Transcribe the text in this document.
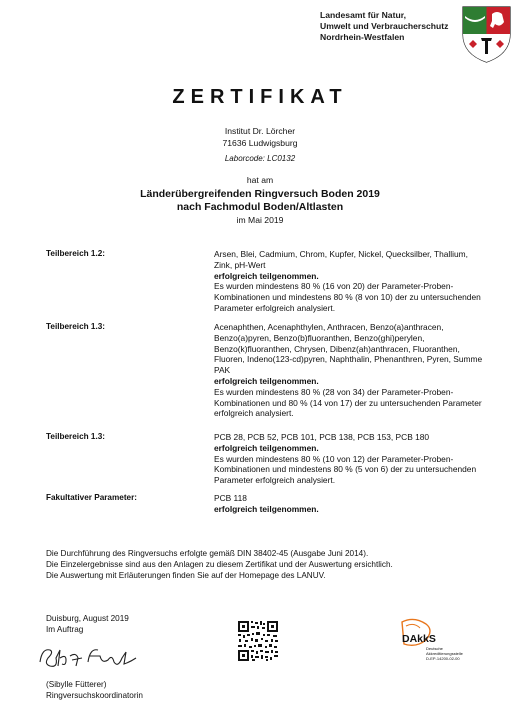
Landesamt für Natur,
Umwelt und Verbraucherschutz
Nordrhein-Westfalen
ZERTIFIKAT
Institut Dr. Lörcher
71636 Ludwigsburg
Laborcode: LC0132
hat am
Länderübergreifenden Ringversuch Boden 2019
nach Fachmodul Boden/Altlasten
im Mai 2019
Teilbereich 1.2:	Arsen, Blei, Cadmium, Chrom, Kupfer, Nickel, Quecksilber, Thallium, Zink, pH-Wert
erfolgreich teilgenommen.
Es wurden mindestens 80 % (16 von 20) der Parameter-Proben-Kombinationen und mindestens 80 % (8 von 10) der zu untersuchenden Parameter erfolgreich analysiert.
Teilbereich 1.3:	Acenaphthen, Acenaphthylen, Anthracen, Benzo(a)anthracen, Benzo(a)pyren, Benzo(b)fluoranthen, Benzo(ghi)perylen, Benzo(k)fluoranthen, Chrysen, Dibenz(ah)anthracen, Fluoranthen, Fluoren, Indeno(123-cd)pyren, Naphthalin, Phenanthren, Pyren, Summe PAK
erfolgreich teilgenommen.
Es wurden mindestens 80 % (28 von 34) der Parameter-Proben-Kombinationen und 80 % (14 von 17) der zu untersuchenden Parameter erfolgreich analysiert.
Teilbereich 1.3:	PCB 28, PCB 52, PCB 101, PCB 138, PCB 153, PCB 180
erfolgreich teilgenommen.
Es wurden mindestens 80 % (10 von 12) der Parameter-Proben-Kombinationen und mindestens 80 % (5 von 6) der zu untersuchenden Parameter erfolgreich analysiert.
Fakultativer Parameter:	PCB 118
erfolgreich teilgenommen.
Die Durchführung des Ringversuchs erfolgte gemäß DIN 38402-45 (Ausgabe Juni 2014).
Die Einzelergebnisse sind aus den Anlagen zu diesem Zertifikat und der Auswertung ersichtlich.
Die Auswertung mit Erläuterungen finden Sie auf der Homepage des LANUV.
Duisburg, August 2019
Im Auftrag
(Sibylle Fütterer)
Ringversuchskoordinatorin
DAkkS
Deutsche
Akkreditierungsstelle
D-EP-14200-02-00
